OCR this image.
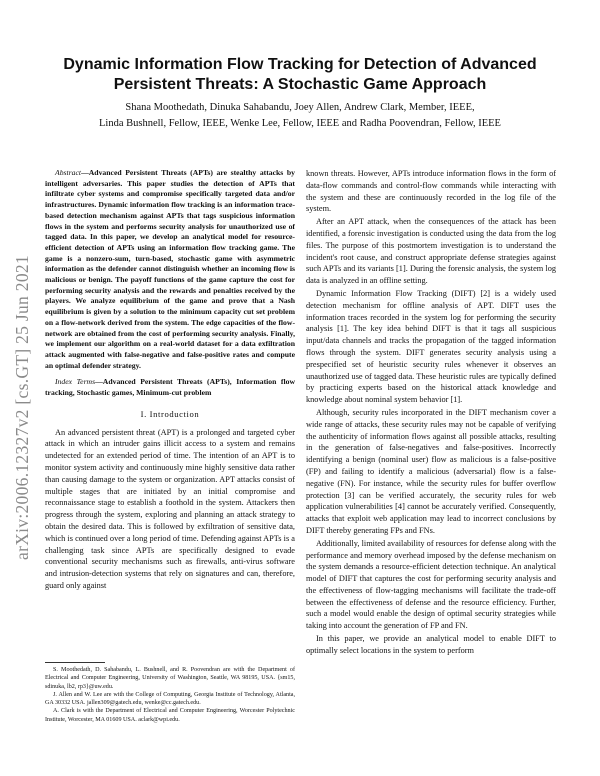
arXiv:2006.12327v2 [cs.GT] 25 Jun 2021
Dynamic Information Flow Tracking for Detection of Advanced
Persistent Threats: A Stochastic Game Approach
Shana Moothedath, Dinuka Sahabandu, Joey Allen, Andrew Clark, Member, IEEE,
Linda Bushnell, Fellow, IEEE, Wenke Lee, Fellow, IEEE and Radha Poovendran, Fellow, IEEE

Abstract—Advanced Persistent Threats (APTs) are stealthy attacks by intelligent adversaries. This paper studies the detection of APTs that infiltrate cyber systems and compromise specifically targeted data and/or infrastructures. Dynamic information flow tracking is an information trace-based detection mechanism against APTs that tags suspicious information flows in the system and performs security analysis for unauthorized use of tagged data. In this paper, we develop an analytical model for resource-efficient detection of APTs using an information flow tracking game. The game is a nonzero-sum, turn-based, stochastic game with asymmetric information as the defender cannot distinguish whether an incoming flow is malicious or benign. The payoff functions of the game capture the cost for performing security analysis and the rewards and penalties received by the players. We analyze equilibrium of the game and prove that a Nash equilibrium is given by a solution to the minimum capacity cut set problem on a flow-network derived from the system. The edge capacities of the flow-network are obtained from the cost of performing security analysis. Finally, we implement our algorithm on a real-world dataset for a data exfiltration attack augmented with false-negative and false-positive rates and compute an optimal defender strategy.

Index Terms—Advanced Persistent Threats (APTs), Information flow tracking, Stochastic games, Minimum-cut problem

I. Introduction

An advanced persistent threat (APT) is a prolonged and targeted cyber attack in which an intruder gains illicit access to a system and remains undetected for an extended period of time. The intention of an APT is to monitor system activity and continuously mine highly sensitive data rather than causing damage to the system or organization. APT attacks consist of multiple stages that are initiated by an initial compromise and reconnaissance stage to establish a foothold in the system. Attackers then progress through the system, exploring and planning an attack strategy to obtain the desired data. This is followed by exfiltration of sensitive data, which is continued over a long period of time. Defending against APTs is a challenging task since APTs are specifically designed to evade conventional security mechanisms such as firewalls, anti-virus software and intrusion-detection systems that rely on signatures and can, therefore, guard only against

S. Moothedath, D. Sahabandu, L. Bushnell, and R. Poovendran are with the Department of Electrical and Computer Engineering, University of Washington, Seattle, WA 98195, USA. {sm15, sdinuka, lb2, rp3}@uw.edu.

J. Allen and W. Lee are with the College of Computing, Georgia Institute of Technology, Atlanta, GA 30332 USA. jallen309@gatech.edu, wenke@cc.gatech.edu.

A. Clark is with the Department of Electrical and Computer Engineering, Worcester Polytechnic Institute, Worcester, MA 01609 USA. aclark@wpi.edu.

known threats. However, APTs introduce information flows in the form of data-flow commands and control-flow commands while interacting with the system and these are continuously recorded in the log file of the system.

After an APT attack, when the consequences of the attack has been identified, a forensic investigation is conducted using the data from the log files. The purpose of this postmortem investigation is to understand the incident's root cause, and construct appropriate defense strategies against such APTs and its variants [1]. During the forensic analysis, the system log data is analyzed in an offline setting.

Dynamic Information Flow Tracking (DIFT) [2] is a widely used detection mechanism for offline analysis of APT. DIFT uses the information traces recorded in the system log for performing the security analysis [1]. The key idea behind DIFT is that it tags all suspicious input/data channels and tracks the propagation of the tagged information flows through the system. DIFT generates security analysis using a prespecified set of heuristic security rules whenever it observes an unauthorized use of tagged data. These heuristic rules are typically defined by practicing experts based on the historical attack knowledge and knowledge about nominal system behavior [1].

Although, security rules incorporated in the DIFT mechanism cover a wide range of attacks, these security rules may not be capable of verifying the authenticity of information flows against all possible attacks, resulting in the generation of false-negatives and false-positives. Incorrectly identifying a benign (nominal user) flow as malicious is a false-positive (FP) and failing to identify a malicious (adversarial) flow is a false-negative (FN). For instance, while the security rules for buffer overflow protection [3] can be verified accurately, the security rules for web application vulnerabilities [4] cannot be accurately verified. Consequently, attacks that exploit web application may lead to incorrect conclusions by DIFT thereby generating FPs and FNs.

Additionally, limited availability of resources for defense along with the performance and memory overhead imposed by the defense mechanism on the system demands a resource-efficient detection technique. An analytical model of DIFT that captures the cost for performing security analysis and the effectiveness of flow-tagging mechanisms will facilitate the trade-off between the effectiveness of defense and the resource efficiency. Further, such a model would enable the design of optimal security strategies while taking into account the generation of FP and FN.

In this paper, we provide an analytical model to enable DIFT to optimally select locations in the system to perform
